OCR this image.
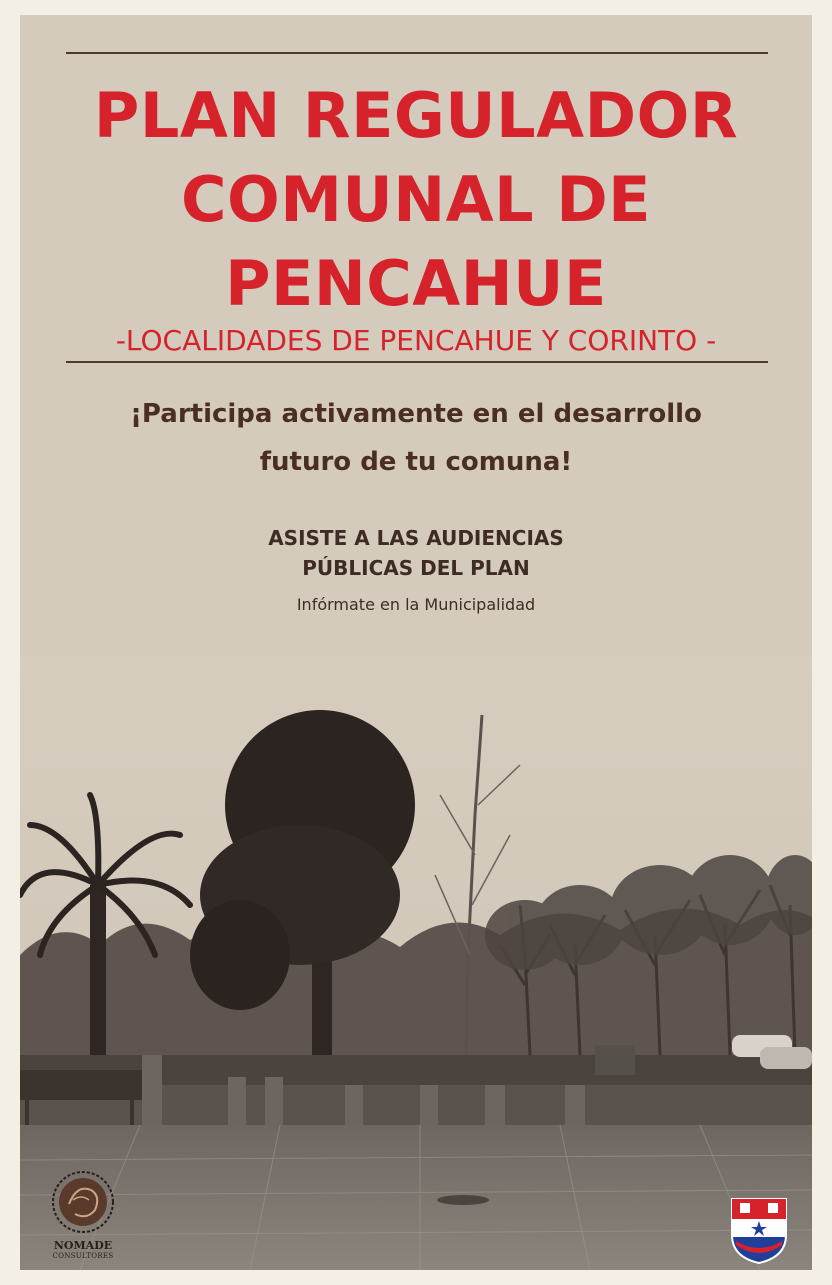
PLAN REGULADOR
COMUNAL DE
PENCAHUE
-LOCALIDADES DE PENCAHUE Y CORINTO -
¡Participa activamente en el desarrollo
futuro de tu comuna!
ASISTE A LAS AUDIENCIAS
PÚBLICAS DEL PLAN
Infórmate en la Municipalidad
NOMADE
CONSULTORES
